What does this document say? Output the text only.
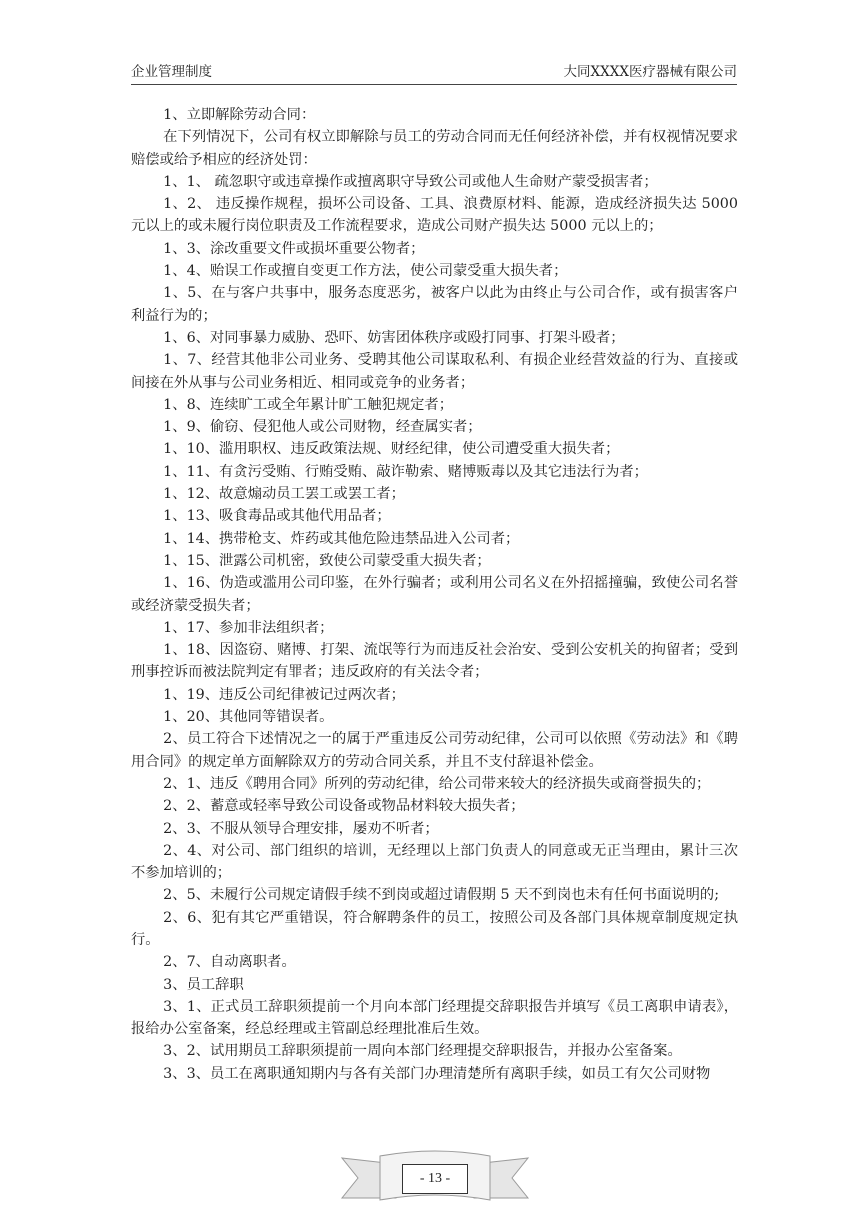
企业管理制度	大同XXXX医疗器械有限公司

1、立即解除劳动合同：

在下列情况下，公司有权立即解除与员工的劳动合同而无任何经济补偿，并有权视情况要求赔偿或给予相应的经济处罚：

1、1、 疏忽职守或违章操作或擅离职守导致公司或他人生命财产蒙受损害者；

1、2、 违反操作规程，损坏公司设备、工具、浪费原材料、能源，造成经济损失达 5000元以上的或未履行岗位职责及工作流程要求，造成公司财产损失达 5000 元以上的；

1、3、涂改重要文件或损坏重要公物者；

1、4、贻误工作或擅自变更工作方法，使公司蒙受重大损失者；

1、5、在与客户共事中，服务态度恶劣，被客户以此为由终止与公司合作，或有损害客户利益行为的；

1、6、对同事暴力威胁、恐吓、妨害团体秩序或殴打同事、打架斗殴者；

1、7、经营其他非公司业务、受聘其他公司谋取私利、有损企业经营效益的行为、直接或间接在外从事与公司业务相近、相同或竞争的业务者；

1、8、连续旷工或全年累计旷工触犯规定者；

1、9、偷窃、侵犯他人或公司财物，经查属实者；

1、10、滥用职权、违反政策法规、财经纪律，使公司遭受重大损失者；

1、11、有贪污受贿、行贿受贿、敲诈勒索、赌博贩毒以及其它违法行为者；

1、12、故意煽动员工罢工或罢工者；

1、13、吸食毒品或其他代用品者；

1、14、携带枪支、炸药或其他危险违禁品进入公司者；

1、15、泄露公司机密，致使公司蒙受重大损失者；

1、16、伪造或滥用公司印鉴，在外行骗者；或利用公司名义在外招摇撞骗，致使公司名誉或经济蒙受损失者；

1、17、参加非法组织者；

1、18、因盗窃、赌博、打架、流氓等行为而违反社会治安、受到公安机关的拘留者；受到刑事控诉而被法院判定有罪者；违反政府的有关法令者；

1、19、违反公司纪律被记过两次者；

1、20、其他同等错误者。

2、员工符合下述情况之一的属于严重违反公司劳动纪律，公司可以依照《劳动法》和《聘用合同》的规定单方面解除双方的劳动合同关系，并且不支付辞退补偿金。

2、1、违反《聘用合同》所列的劳动纪律，给公司带来较大的经济损失或商誉损失的；

2、2、蓄意或轻率导致公司设备或物品材料较大损失者；

2、3、不服从领导合理安排，屡劝不听者；

2、4、对公司、部门组织的培训，无经理以上部门负责人的同意或无正当理由，累计三次不参加培训的；

2、5、未履行公司规定请假手续不到岗或超过请假期 5 天不到岗也未有任何书面说明的;

2、6、犯有其它严重错误，符合解聘条件的员工，按照公司及各部门具体规章制度规定执行。

2、7、自动离职者。

3、员工辞职

3、1、正式员工辞职须提前一个月向本部门经理提交辞职报告并填写《员工离职申请表》，报给办公室备案，经总经理或主管副总经理批准后生效。

3、2、试用期员工辞职须提前一周向本部门经理提交辞职报告，并报办公室备案。

3、3、员工在离职通知期内与各有关部门办理清楚所有离职手续，如员工有欠公司财物

- 13 -
